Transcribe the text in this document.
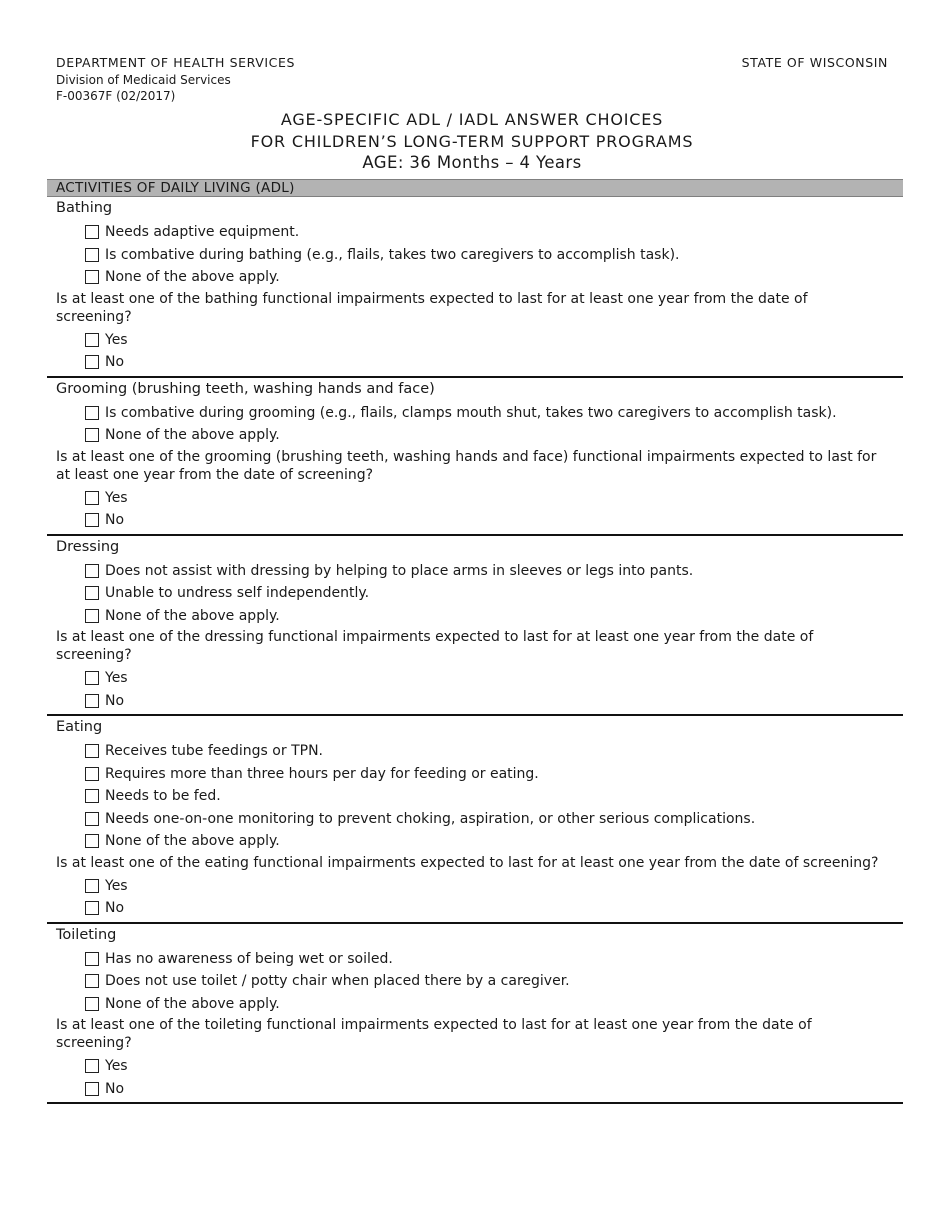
DEPARTMENT OF HEALTH SERVICES
Division of Medicaid Services
F-00367F (02/2017)
STATE OF WISCONSIN
AGE-SPECIFIC ADL / IADL ANSWER CHOICES
FOR CHILDREN’S LONG-TERM SUPPORT PROGRAMS
AGE: 36 Months – 4 Years
ACTIVITIES OF DAILY LIVING (ADL)
Bathing
Needs adaptive equipment.
Is combative during bathing (e.g., flails, takes two caregivers to accomplish task).
None of the above apply.
Is at least one of the bathing functional impairments expected to last for at least one year from the date of screening?
Yes
No
Grooming (brushing teeth, washing hands and face)
Is combative during grooming (e.g., flails, clamps mouth shut, takes two caregivers to accomplish task).
None of the above apply.
Is at least one of the grooming (brushing teeth, washing hands and face) functional impairments expected to last for at least one year from the date of screening?
Yes
No
Dressing
Does not assist with dressing by helping to place arms in sleeves or legs into pants.
Unable to undress self independently.
None of the above apply.
Is at least one of the dressing functional impairments expected to last for at least one year from the date of screening?
Yes
No
Eating
Receives tube feedings or TPN.
Requires more than three hours per day for feeding or eating.
Needs to be fed.
Needs one-on-one monitoring to prevent choking, aspiration, or other serious complications.
None of the above apply.
Is at least one of the eating functional impairments expected to last for at least one year from the date of screening?
Yes
No
Toileting
Has no awareness of being wet or soiled.
Does not use toilet / potty chair when placed there by a caregiver.
None of the above apply.
Is at least one of the toileting functional impairments expected to last for at least one year from the date of screening?
Yes
No
